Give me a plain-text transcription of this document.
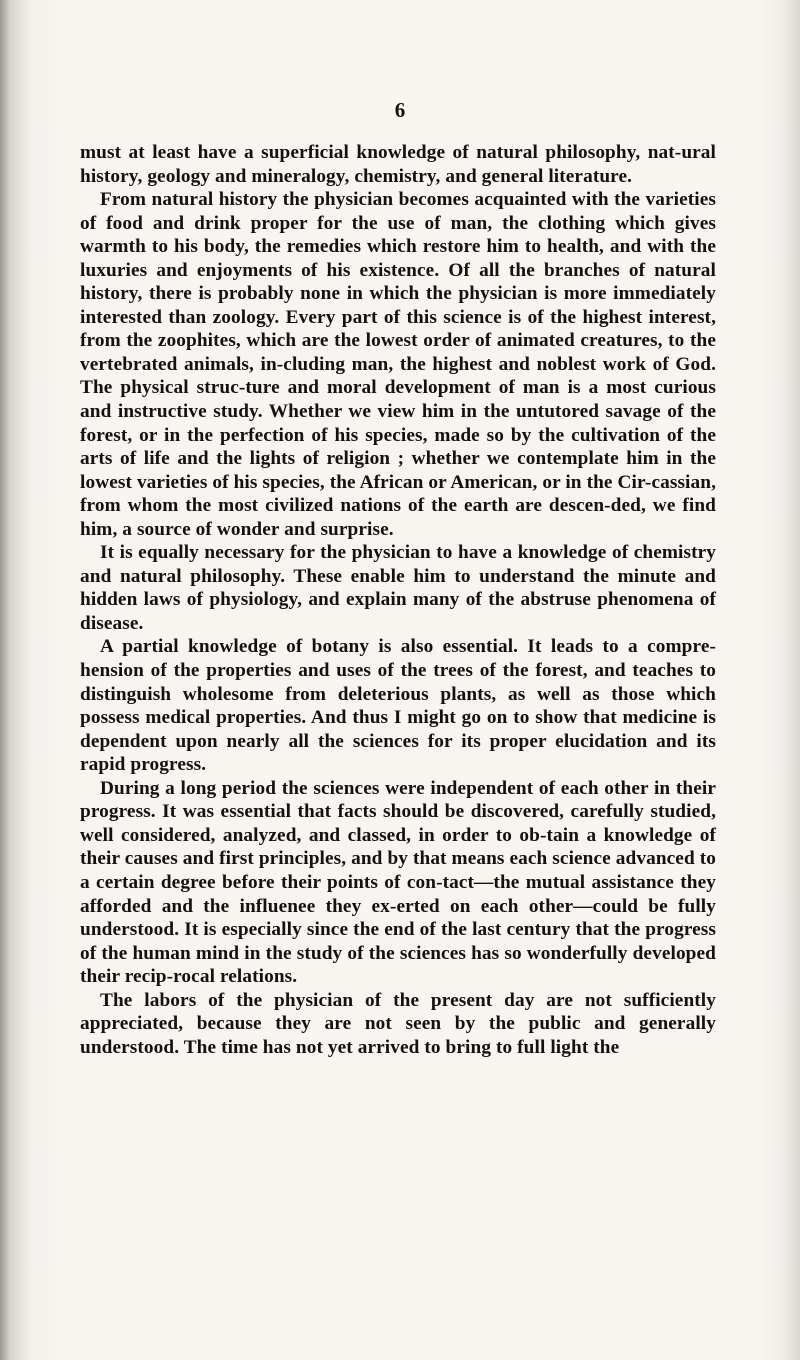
6

must at least have a superficial knowledge of natural philosophy, nat-ural history, geology and mineralogy, chemistry, and general literature.

From natural history the physician becomes acquainted with the varieties of food and drink proper for the use of man, the clothing which gives warmth to his body, the remedies which restore him to health, and with the luxuries and enjoyments of his existence. Of all the branches of natural history, there is probably none in which the physician is more immediately interested than zoology. Every part of this science is of the highest interest, from the zoophites, which are the lowest order of animated creatures, to the vertebrated animals, in-cluding man, the highest and noblest work of God. The physical struc-ture and moral development of man is a most curious and instructive study. Whether we view him in the untutored savage of the forest, or in the perfection of his species, made so by the cultivation of the arts of life and the lights of religion ; whether we contemplate him in the lowest varieties of his species, the African or American, or in the Cir-cassian, from whom the most civilized nations of the earth are descen-ded, we find him, a source of wonder and surprise.

It is equally necessary for the physician to have a knowledge of chemistry and natural philosophy. These enable him to understand the minute and hidden laws of physiology, and explain many of the abstruse phenomena of disease.

A partial knowledge of botany is also essential. It leads to a compre-hension of the properties and uses of the trees of the forest, and teaches to distinguish wholesome from deleterious plants, as well as those which possess medical properties. And thus I might go on to show that medicine is dependent upon nearly all the sciences for its proper elucidation and its rapid progress.

During a long period the sciences were independent of each other in their progress. It was essential that facts should be discovered, carefully studied, well considered, analyzed, and classed, in order to ob-tain a knowledge of their causes and first principles, and by that means each science advanced to a certain degree before their points of con-tact—the mutual assistance they afforded and the influenee they ex-erted on each other—could be fully understood. It is especially since the end of the last century that the progress of the human mind in the study of the sciences has so wonderfully developed their recip-rocal relations.

The labors of the physician of the present day are not sufficiently appreciated, because they are not seen by the public and generally understood. The time has not yet arrived to bring to full light the
